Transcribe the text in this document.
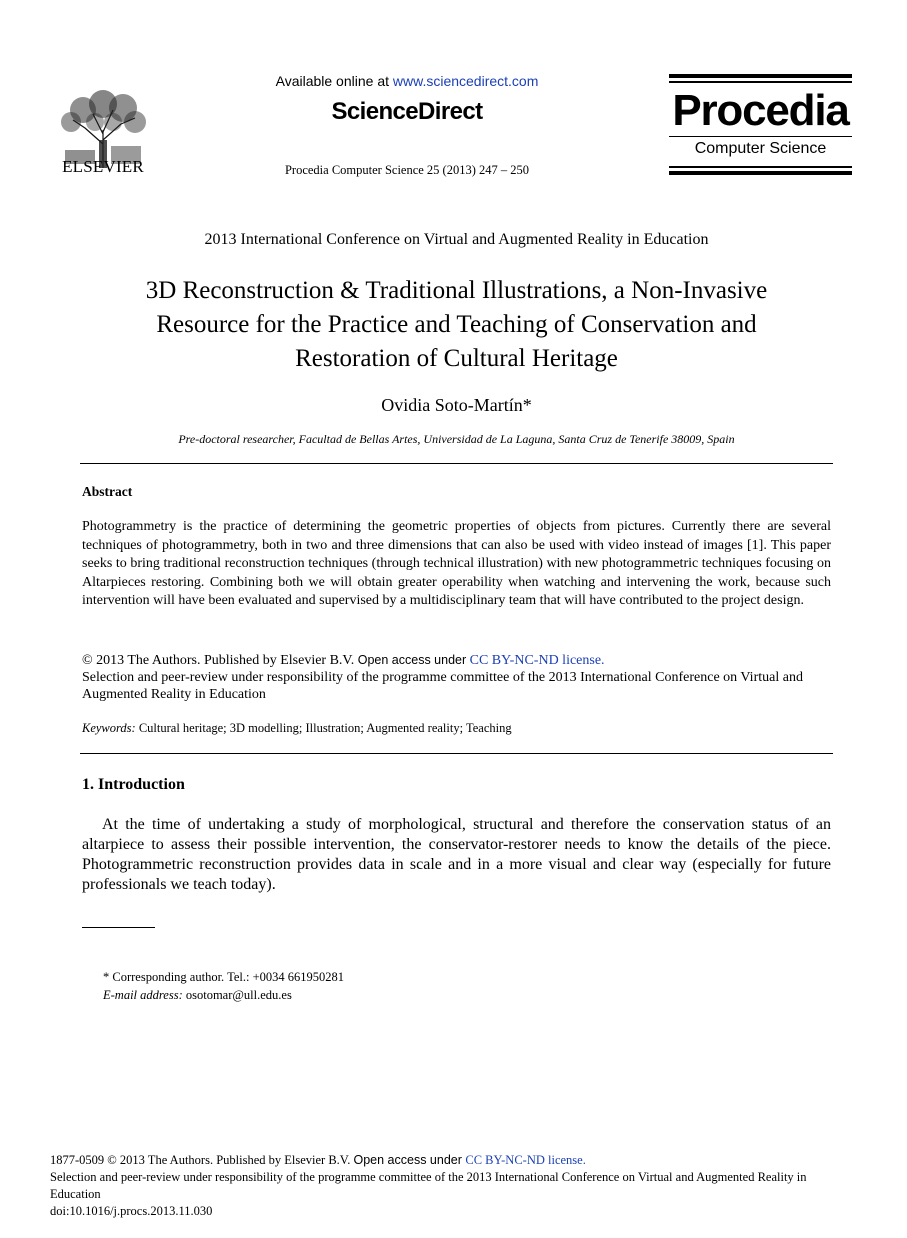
ELSEVIER
Available online at www.sciencedirect.com
ScienceDirect
Procedia Computer Science 25 (2013) 247 – 250
Procedia
Computer Science
2013 International Conference on Virtual and Augmented Reality in Education
3D Reconstruction & Traditional Illustrations, a Non-Invasive
Resource for the Practice and Teaching of Conservation and
Restoration of Cultural Heritage
Ovidia Soto-Martín*
Pre-doctoral researcher, Facultad de Bellas Artes, Universidad de La Laguna, Santa Cruz de Tenerife 38009, Spain
Abstract
Photogrammetry is the practice of determining the geometric properties of objects from pictures. Currently there are several techniques of photogrammetry, both in two and three dimensions that can also be used with video instead of images [1]. This paper seeks to bring traditional reconstruction techniques (through technical illustration) with new photogrammetric techniques focusing on Altarpieces restoring. Combining both we will obtain greater operability when watching and intervening the work, because such intervention will have been evaluated and supervised by a multidisciplinary team that will have contributed to the project design.
© 2013 The Authors. Published by Elsevier B.V. Open access under CC BY-NC-ND license.
Selection and peer-review under responsibility of the programme committee of the 2013 International Conference on Virtual and Augmented Reality in Education
Keywords: Cultural heritage; 3D modelling; Illustration; Augmented reality; Teaching
1. Introduction
At the time of undertaking a study of morphological, structural and therefore the conservation status of an altarpiece to assess their possible intervention, the conservator-restorer needs to know the details of the piece. Photogrammetric reconstruction provides data in scale and in a more visual and clear way (especially for future professionals we teach today).
* Corresponding author. Tel.: +0034 661950281
E-mail address: osotomar@ull.edu.es
1877-0509 © 2013 The Authors. Published by Elsevier B.V. Open access under CC BY-NC-ND license.
Selection and peer-review under responsibility of the programme committee of the 2013 International Conference on Virtual and Augmented Reality in Education
doi:10.1016/j.procs.2013.11.030
